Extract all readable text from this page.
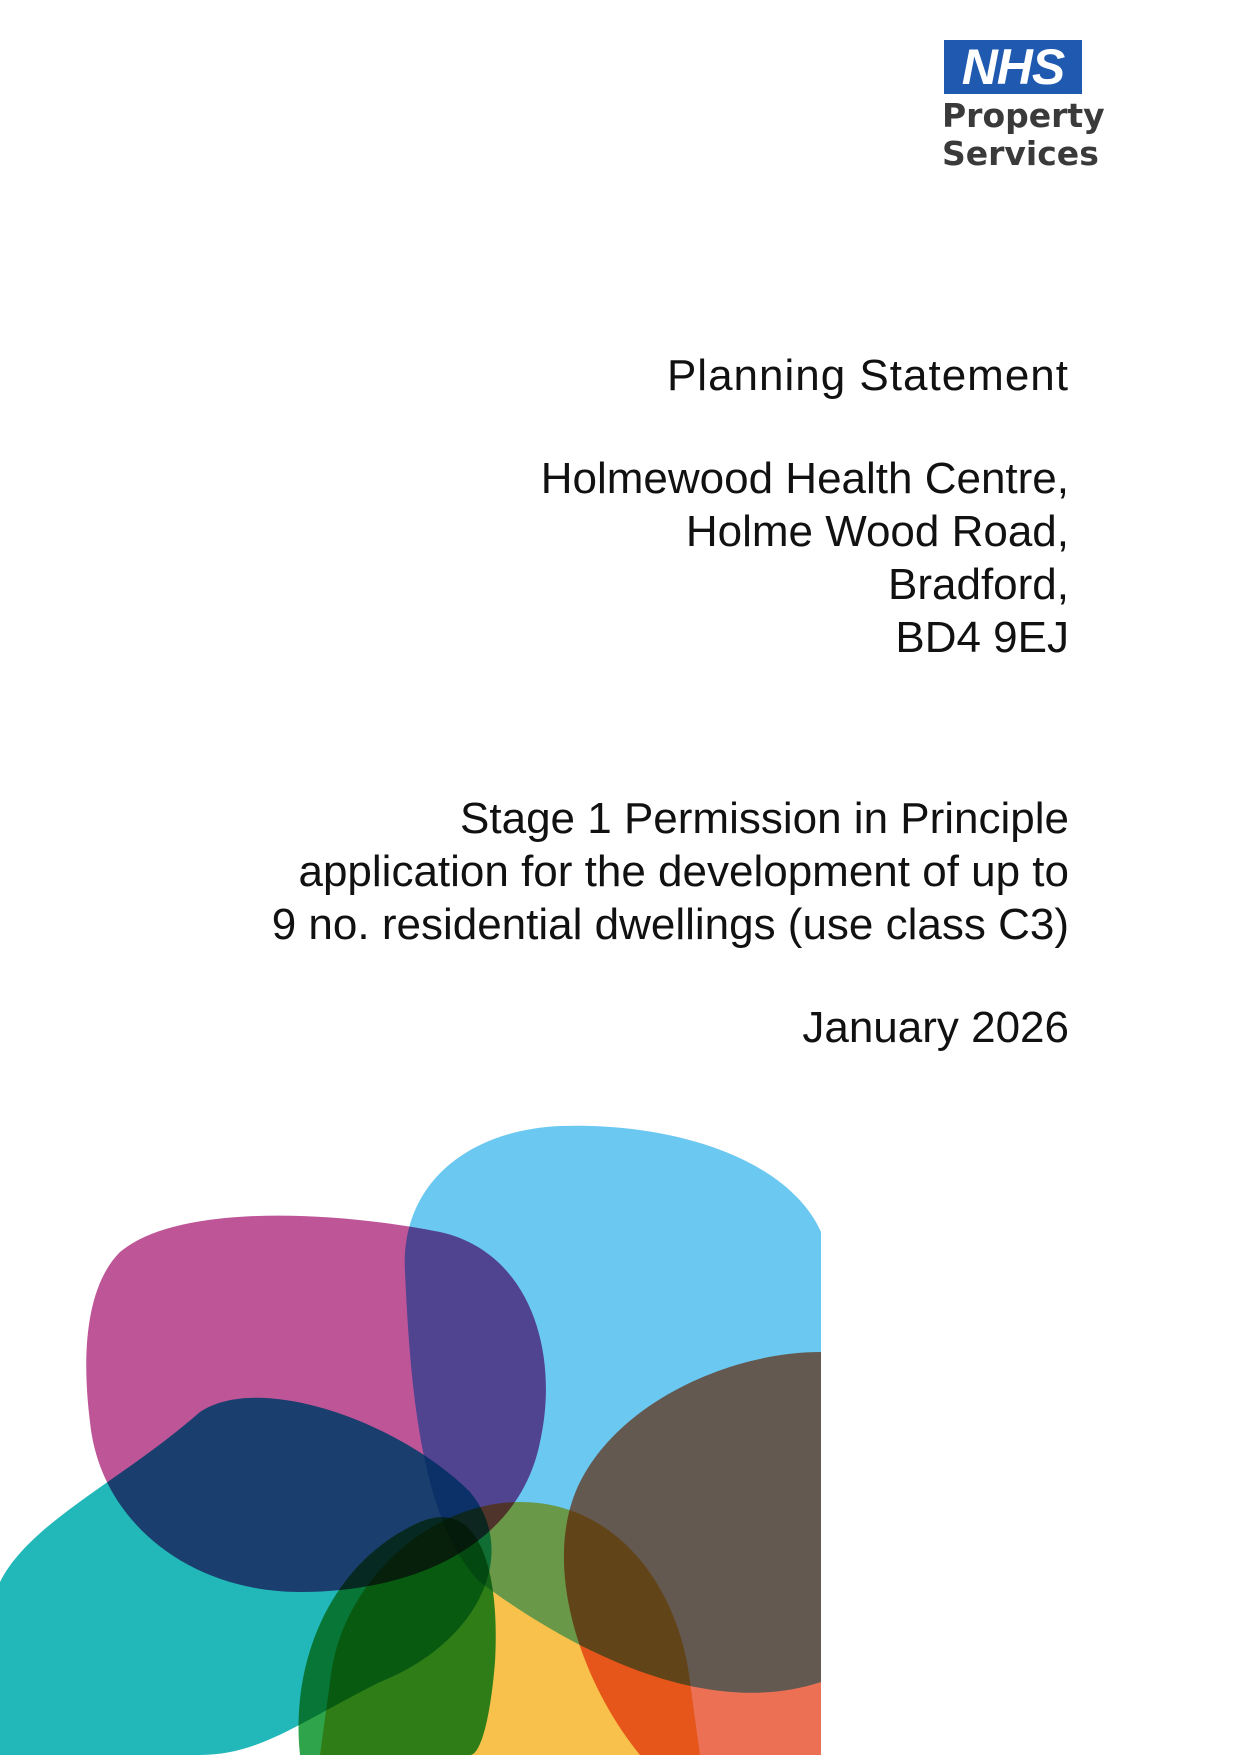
NHS
Property
Services

Planning Statement

Holmewood Health Centre,

Holme Wood Road,

Bradford,

BD4 9EJ

Stage 1 Permission in Principle

application for the development of up to

9 no. residential dwellings (use class C3)

January 2026
